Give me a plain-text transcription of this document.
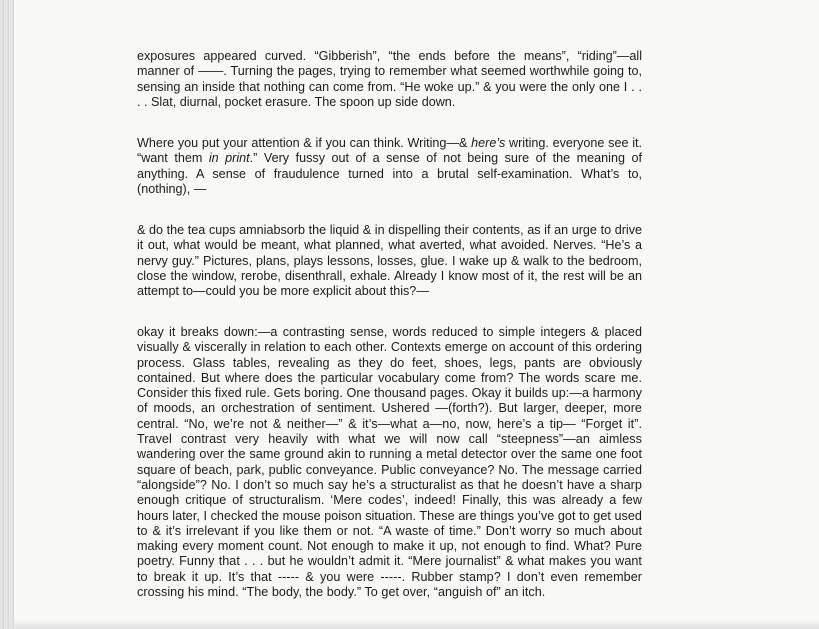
exposures appeared curved. “Gibberish”, “the ends before the means”, “riding”—all manner of ——. Turning the pages, trying to remember what seemed worthwhile going to, sensing an inside that nothing can come from. “He woke up.” & you were the only one I . . . . Slat, diurnal, pocket erasure. The spoon up side down.

Where you put your attention & if you can think. Writing—& here’s writing. everyone see it. “want them in print.” Very fussy out of a sense of not being sure of the meaning of anything. A sense of fraudulence turned into a brutal self-examination. What’s to, (nothing), —

& do the tea cups amniabsorb the liquid & in dispelling their contents, as if an urge to drive it out, what would be meant, what planned, what averted, what avoided. Nerves. “He’s a nervy guy.” Pictures, plans, plays lessons, losses, glue. I wake up & walk to the bedroom, close the window, rerobe, disenthrall, exhale. Already I know most of it, the rest will be an attempt to—could you be more explicit about this?—

okay it breaks down:—a contrasting sense, words reduced to simple integers & placed visually & viscerally in relation to each other. Contexts emerge on account of this ordering process. Glass tables, revealing as they do feet, shoes, legs, pants are obviously contained. But where does the particular vocabulary come from? The words scare me. Consider this fixed rule. Gets boring. One thousand pages. Okay it builds up:—a harmony of moods, an orchestration of sentiment. Ushered —(forth?). But larger, deeper, more central. “No, we’re not & neither—” & it’s—what a—no, now, here’s a tip— “Forget it”. Travel contrast very heavily with what we will now call “steepness”—an aimless wandering over the same ground akin to running a metal detector over the same one foot square of beach, park, public conveyance. Public conveyance? No. The message carried “alongside”? No. I don’t so much say he’s a structuralist as that he doesn’t have a sharp enough critique of structuralism. ‘Mere codes’, indeed! Finally, this was already a few hours later, I checked the mouse poison situation. These are things you’ve got to get used to & it’s irrelevant if you like them or not. “A waste of time.” Don’t worry so much about making every moment count. Not enough to make it up, not enough to find. What? Pure poetry. Funny that . . . but he wouldn’t admit it. “Mere journalist” & what makes you want to break it up. It’s that ----- & you were -----. Rubber stamp? I don’t even remember crossing his mind. “The body, the body.” To get over, “anguish of” an itch.
